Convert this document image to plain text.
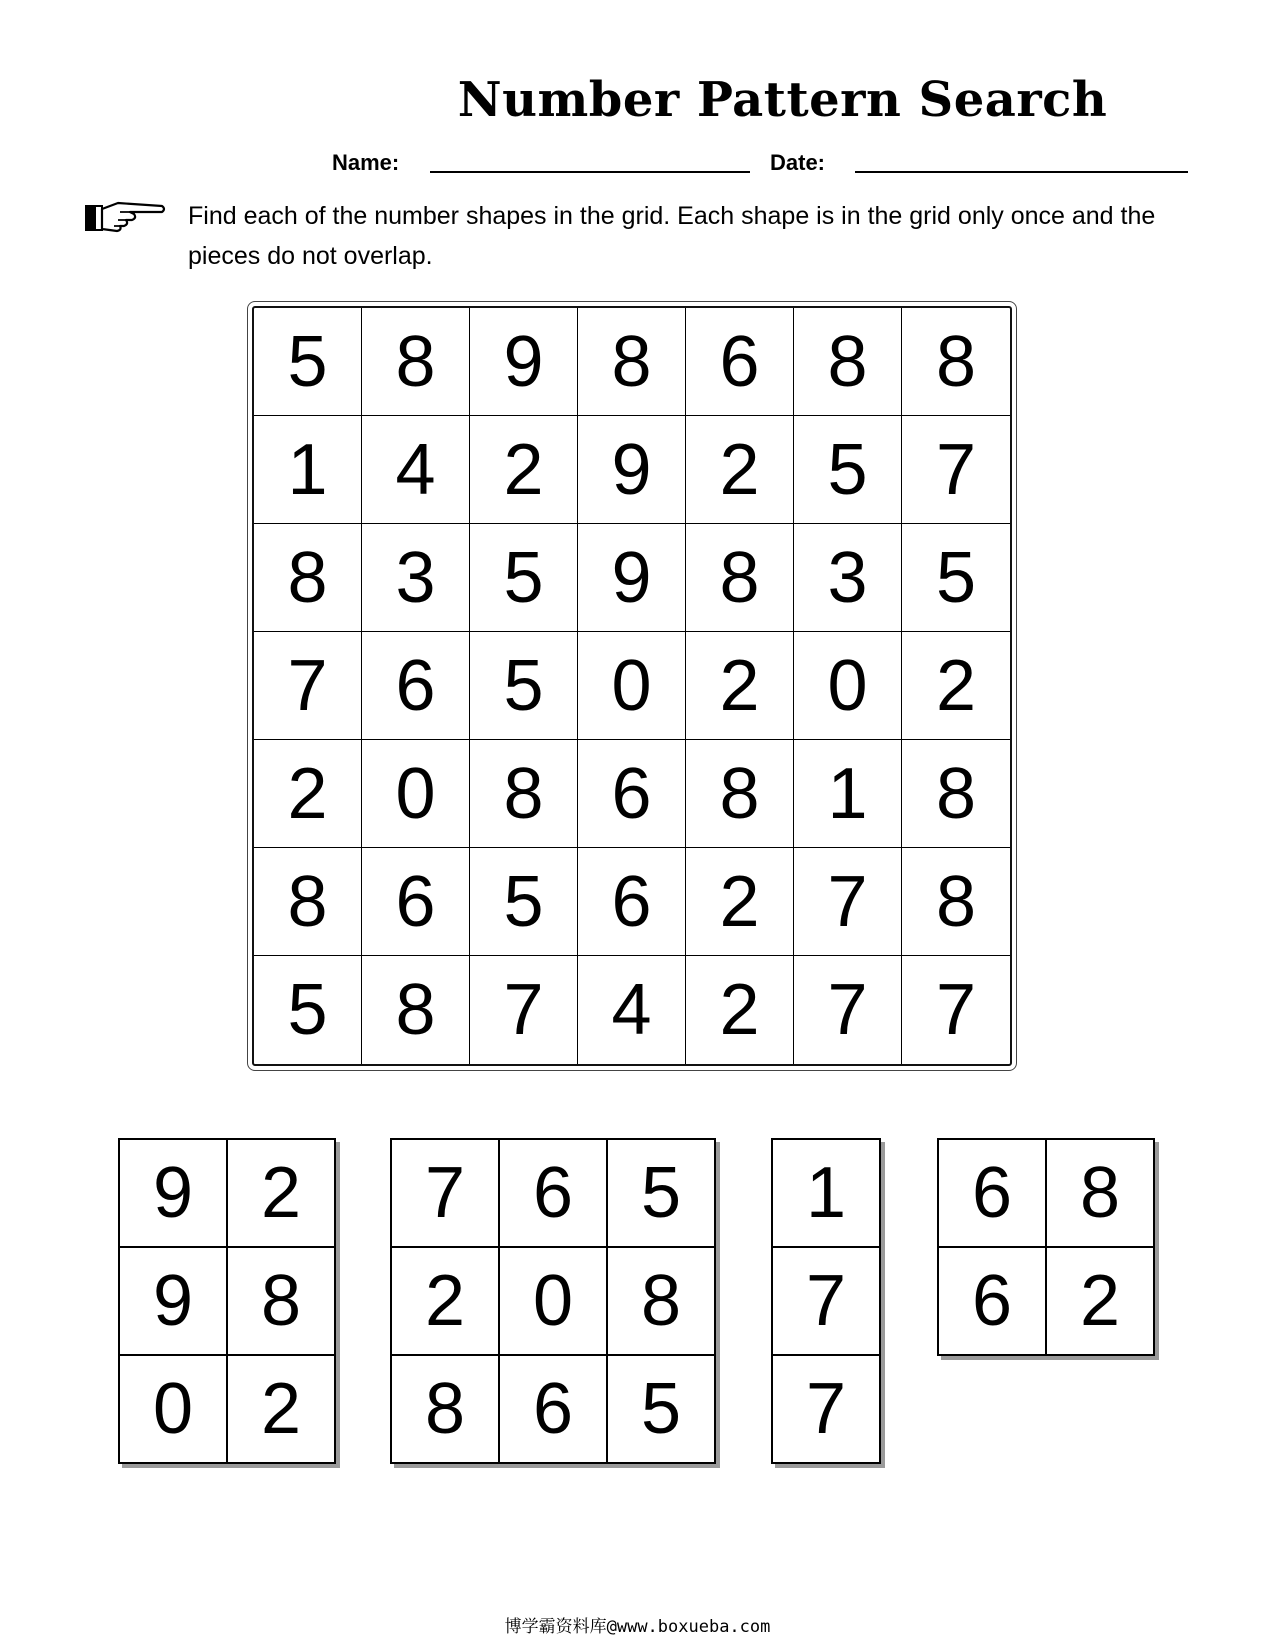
Number Pattern Search
Name:	Date:
Find each of the number shapes in the grid. Each shape is in the grid only once and the pieces do not overlap.
5 8 9 8 6 8 8
1 4 2 9 2 5 7
8 3 5 9 8 3 5
7 6 5 0 2 0 2
2 0 8 6 8 1 8
8 6 5 6 2 7 8
5 8 7 4 2 7 7
9 2
9 8
0 2
7 6 5
2 0 8
8 6 5
1
7
7
6 8
6 2
博学霸资料库@www.boxueba.com
